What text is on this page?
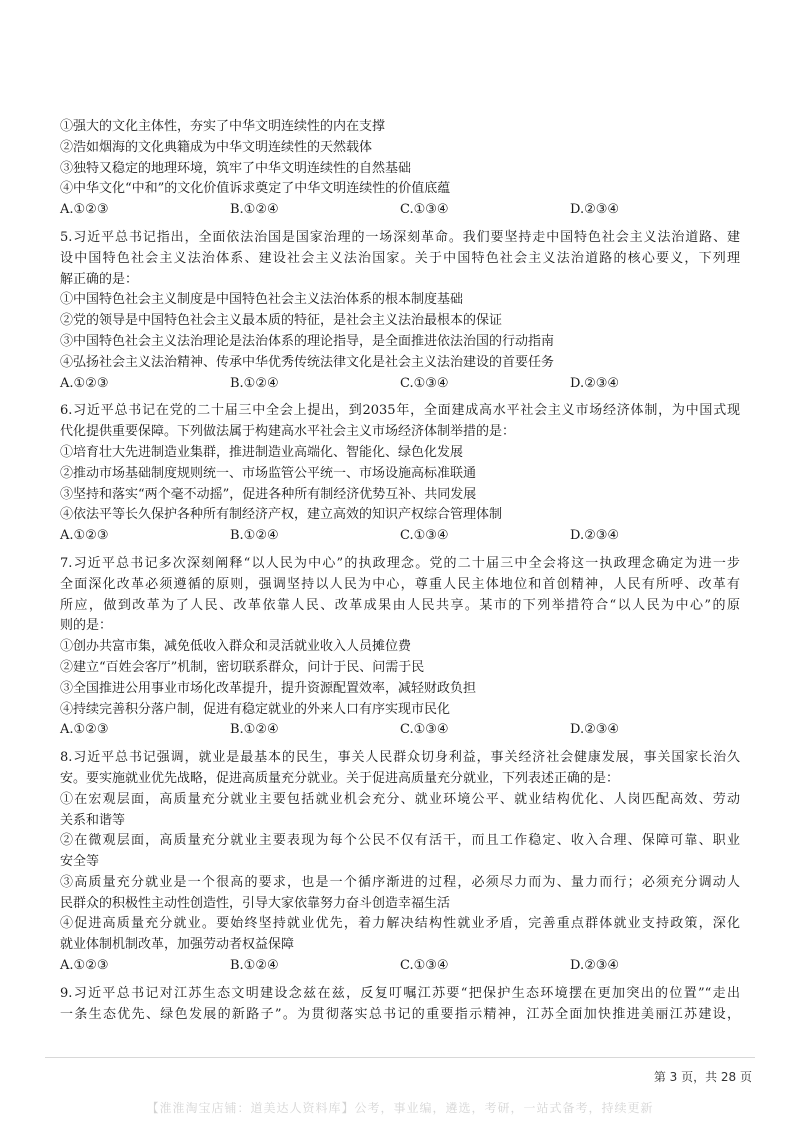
①强大的文化主体性，夯实了中华文明连续性的内在支撑
②浩如烟海的文化典籍成为中华文明连续性的天然载体
③独特又稳定的地理环境，筑牢了中华文明连续性的自然基础
④中华文化“中和”的文化价值诉求奠定了中华文明连续性的价值底蕴
A.①②③	B.①②④	C.①③④	D.②③④
5.习近平总书记指出，全面依法治国是国家治理的一场深刻革命。我们要坚持走中国特色社会主义法治道路、建
设中国特色社会主义法治体系、建设社会主义法治国家。关于中国特色社会主义法治道路的核心要义，下列理
解正确的是：
①中国特色社会主义制度是中国特色社会主义法治体系的根本制度基础
②党的领导是中国特色社会主义最本质的特征，是社会主义法治最根本的保证
③中国特色社会主义法治理论是法治体系的理论指导，是全面推进依法治国的行动指南
④弘扬社会主义法治精神、传承中华优秀传统法律文化是社会主义法治建设的首要任务
A.①②③	B.①②④	C.①③④	D.②③④
6.习近平总书记在党的二十届三中全会上提出，到2035年，全面建成高水平社会主义市场经济体制，为中国式现
代化提供重要保障。下列做法属于构建高水平社会主义市场经济体制举措的是：
①培育壮大先进制造业集群，推进制造业高端化、智能化、绿色化发展
②推动市场基础制度规则统一、市场监管公平统一、市场设施高标准联通
③坚持和落实“两个毫不动摇”，促进各种所有制经济优势互补、共同发展
④依法平等长久保护各种所有制经济产权，建立高效的知识产权综合管理体制
A.①②③	B.①②④	C.①③④	D.②③④
7.习近平总书记多次深刻阐释“以人民为中心”的执政理念。党的二十届三中全会将这一执政理念确定为进一步
全面深化改革必须遵循的原则，强调坚持以人民为中心，尊重人民主体地位和首创精神，人民有所呼、改革有
所应，做到改革为了人民、改革依靠人民、改革成果由人民共享。某市的下列举措符合“以人民为中心”的原
则的是：
①创办共富市集，减免低收入群众和灵活就业收入人员摊位费
②建立“百姓会客厅”机制，密切联系群众，问计于民、问需于民
③全国推进公用事业市场化改革提升，提升资源配置效率，减轻财政负担
④持续完善积分落户制，促进有稳定就业的外来人口有序实现市民化
A.①②③	B.①②④	C.①③④	D.②③④
8.习近平总书记强调，就业是最基本的民生，事关人民群众切身利益，事关经济社会健康发展，事关国家长治久
安。要实施就业优先战略，促进高质量充分就业。关于促进高质量充分就业，下列表述正确的是：
①在宏观层面，高质量充分就业主要包括就业机会充分、就业环境公平、就业结构优化、人岗匹配高效、劳动
关系和谐等
②在微观层面，高质量充分就业主要表现为每个公民不仅有活干，而且工作稳定、收入合理、保障可靠、职业
安全等
③高质量充分就业是一个很高的要求，也是一个循序渐进的过程，必须尽力而为、量力而行；必须充分调动人
民群众的积极性主动性创造性，引导大家依靠努力奋斗创造幸福生活
④促进高质量充分就业。要始终坚持就业优先，着力解决结构性就业矛盾，完善重点群体就业支持政策，深化
就业体制机制改革，加强劳动者权益保障
A.①②③	B.①②④	C.①③④	D.②③④
9.习近平总书记对江苏生态文明建设念兹在兹，反复叮嘱江苏要“把保护生态环境摆在更加突出的位置”“走出
一条生态优先、绿色发展的新路子”。为贯彻落实总书记的重要指示精神，江苏全面加快推进美丽江苏建设，
第 3 页，共 28 页
【淮淮淘宝店铺：道美达人资料库】公考，事业编，遴选，考研，一站式备考，持续更新
